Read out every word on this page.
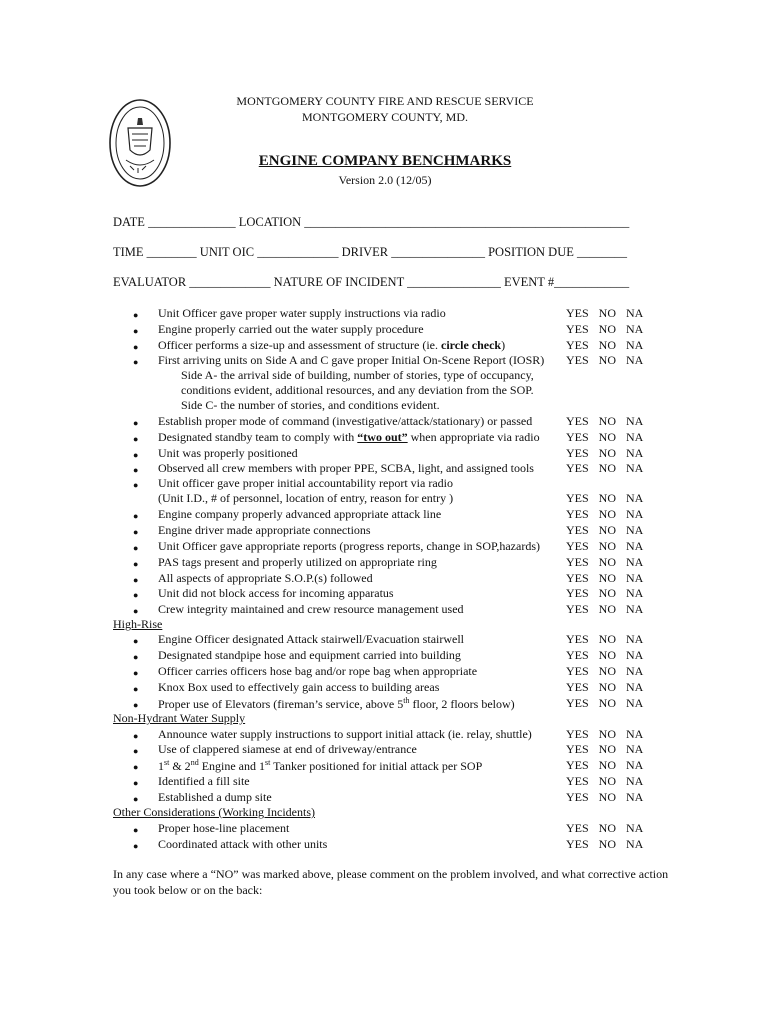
MONTGOMERY COUNTY FIRE AND RESCUE SERVICE
MONTGOMERY COUNTY, MD.
ENGINE COMPANY BENCHMARKS
Version 2.0 (12/05)
DATE ______________ LOCATION ____________________________________________________
TIME ________ UNIT OIC _____________ DRIVER _______________ POSITION DUE ________
EVALUATOR _____________ NATURE OF INCIDENT _______________ EVENT #____________
● Unit Officer gave proper water supply instructions via radio	YES NO NA
● Engine properly carried out the water supply procedure	YES NO NA
● Officer performs a size-up and assessment of structure (ie. circle check)	YES NO NA
● First arriving units on Side A and C gave proper Initial On-Scene Report (IOSR) YES NO NA
Side A- the arrival side of building, number of stories, type of occupancy,
conditions evident, additional resources, and any deviation from the SOP.
Side C- the number of stories, and conditions evident.
● Establish proper mode of command (investigative/attack/stationary) or passed	YES NO NA
● Designated standby team to comply with “two out” when appropriate via radio YES NO NA
● Unit was properly positioned	YES NO NA
● Observed all crew members with proper PPE, SCBA, light, and assigned tools	YES NO NA
● Unit officer gave proper initial accountability report via radio
(Unit I.D., # of personnel, location of entry, reason for entry )	YES NO NA
● Engine company properly advanced appropriate attack line	YES NO NA
● Engine driver made appropriate connections	YES NO NA
● Unit Officer gave appropriate reports (progress reports, change in SOP,hazards) YES NO NA
● PAS tags present and properly utilized on appropriate ring	YES NO NA
● All aspects of appropriate S.O.P.(s) followed	YES NO NA
● Unit did not block access for incoming apparatus	YES NO NA
● Crew integrity maintained and crew resource management used	YES NO NA
High-Rise
● Engine Officer designated Attack stairwell/Evacuation stairwell	YES NO NA
● Designated standpipe hose and equipment carried into building	YES NO NA
● Officer carries officers hose bag and/or rope bag when appropriate	YES NO NA
● Knox Box used to effectively gain access to building areas	YES NO NA
● Proper use of Elevators (fireman’s service, above 5th floor, 2 floors below)	YES NO NA
Non-Hydrant Water Supply
● Announce water supply instructions to support initial attack (ie. relay, shuttle)	YES NO NA
● Use of clappered siamese at end of driveway/entrance	YES NO NA
● 1st & 2nd Engine and 1st Tanker positioned for initial attack per SOP	YES NO NA
● Identified a fill site	YES NO NA
● Established a dump site	YES NO NA
Other Considerations (Working Incidents)
● Proper hose-line placement	YES NO NA
● Coordinated attack with other units	YES NO NA
In any case where a “NO” was marked above, please comment on the problem involved, and what corrective action you took below or on the back:
